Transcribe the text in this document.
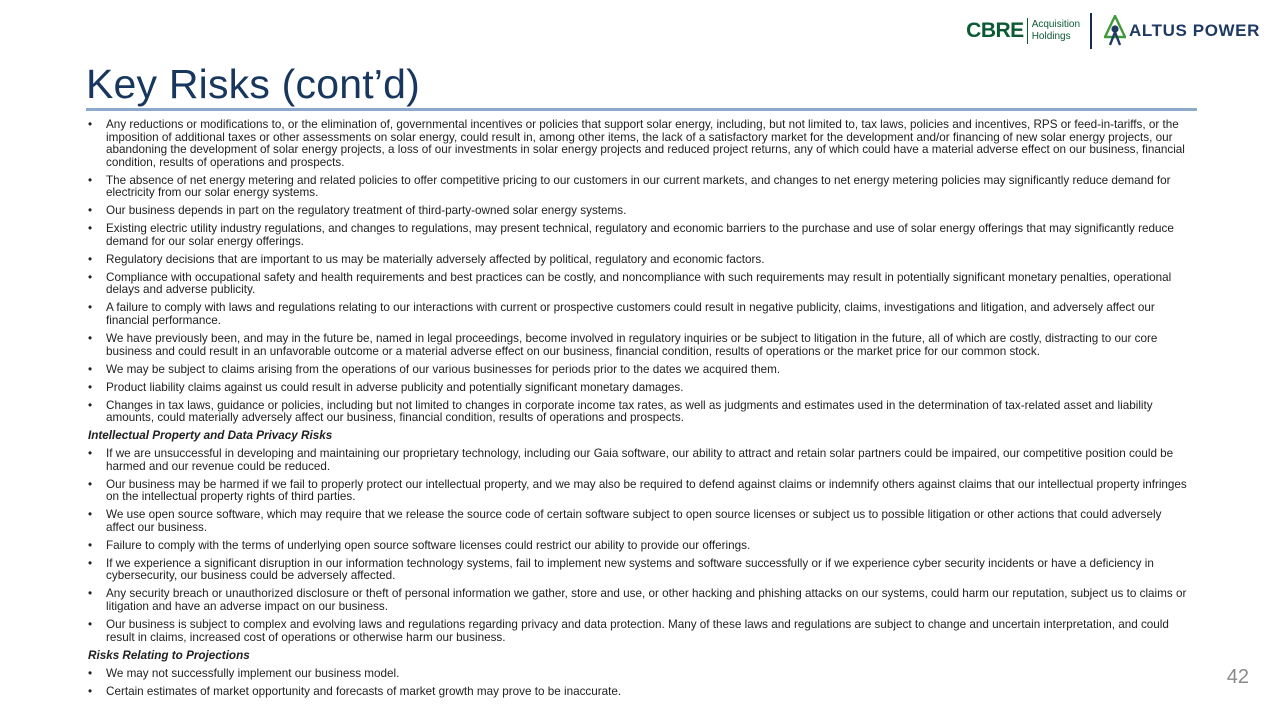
CBRE Acquisition
Holdings	ALTUS POWER
Key Risks (cont’d)
• Any reductions or modifications to, or the elimination of, governmental incentives or policies that support solar energy, including, but not limited to, tax laws, policies and incentives, RPS or feed-in-tariffs, or the imposition of additional taxes or other assessments on solar energy, could result in, among other items, the lack of a satisfactory market for the development and/or financing of new solar energy projects, our abandoning the development of solar energy projects, a loss of our investments in solar energy projects and reduced project returns, any of which could have a material adverse effect on our business, financial condition, results of operations and prospects.
• The absence of net energy metering and related policies to offer competitive pricing to our customers in our current markets, and changes to net energy metering policies may significantly reduce demand for electricity from our solar energy systems.
• Our business depends in part on the regulatory treatment of third-party-owned solar energy systems.
• Existing electric utility industry regulations, and changes to regulations, may present technical, regulatory and economic barriers to the purchase and use of solar energy offerings that may significantly reduce demand for our solar energy offerings.
• Regulatory decisions that are important to us may be materially adversely affected by political, regulatory and economic factors.
• Compliance with occupational safety and health requirements and best practices can be costly, and noncompliance with such requirements may result in potentially significant monetary penalties, operational delays and adverse publicity.
• A failure to comply with laws and regulations relating to our interactions with current or prospective customers could result in negative publicity, claims, investigations and litigation, and adversely affect our financial performance.
• We have previously been, and may in the future be, named in legal proceedings, become involved in regulatory inquiries or be subject to litigation in the future, all of which are costly, distracting to our core business and could result in an unfavorable outcome or a material adverse effect on our business, financial condition, results of operations or the market price for our common stock.
• We may be subject to claims arising from the operations of our various businesses for periods prior to the dates we acquired them.
• Product liability claims against us could result in adverse publicity and potentially significant monetary damages.
• Changes in tax laws, guidance or policies, including but not limited to changes in corporate income tax rates, as well as judgments and estimates used in the determination of tax-related asset and liability amounts, could materially adversely affect our business, financial condition, results of operations and prospects.
Intellectual Property and Data Privacy Risks
• If we are unsuccessful in developing and maintaining our proprietary technology, including our Gaia software, our ability to attract and retain solar partners could be impaired, our competitive position could be harmed and our revenue could be reduced.
• Our business may be harmed if we fail to properly protect our intellectual property, and we may also be required to defend against claims or indemnify others against claims that our intellectual property infringes on the intellectual property rights of third parties.
• We use open source software, which may require that we release the source code of certain software subject to open source licenses or subject us to possible litigation or other actions that could adversely affect our business.
• Failure to comply with the terms of underlying open source software licenses could restrict our ability to provide our offerings.
• If we experience a significant disruption in our information technology systems, fail to implement new systems and software successfully or if we experience cyber security incidents or have a deficiency in cybersecurity, our business could be adversely affected.
• Any security breach or unauthorized disclosure or theft of personal information we gather, store and use, or other hacking and phishing attacks on our systems, could harm our reputation, subject us to claims or litigation and have an adverse impact on our business.
• Our business is subject to complex and evolving laws and regulations regarding privacy and data protection. Many of these laws and regulations are subject to change and uncertain interpretation, and could result in claims, increased cost of operations or otherwise harm our business.
Risks Relating to Projections
• We may not successfully implement our business model.
• Certain estimates of market opportunity and forecasts of market growth may prove to be inaccurate.
42
